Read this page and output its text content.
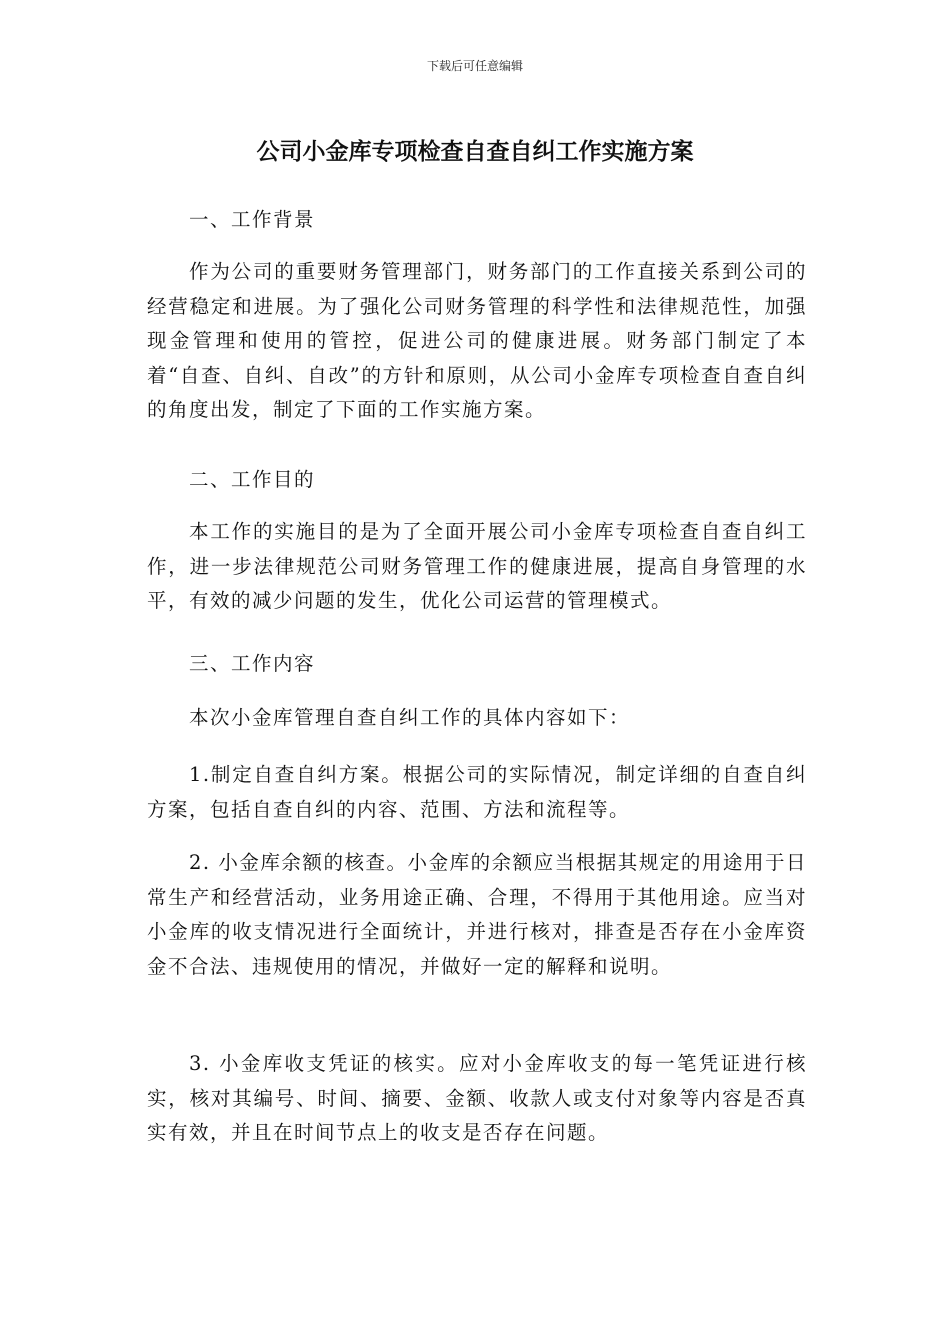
下载后可任意编辑
公司小金库专项检查自查自纠工作实施方案

一、工作背景

作为公司的重要财务管理部门，财务部门的工作直接关系到公司的经营稳定和进展。为了强化公司财务管理的科学性和法律规范性，加强现金管理和使用的管控，促进公司的健康进展。财务部门制定了本着“自查、自纠、自改”的方针和原则，从公司小金库专项检查自查自纠的角度出发，制定了下面的工作实施方案。

二、工作目的

本工作的实施目的是为了全面开展公司小金库专项检查自查自纠工作，进一步法律规范公司财务管理工作的健康进展，提高自身管理的水平，有效的减少问题的发生，优化公司运营的管理模式。

三、工作内容

本次小金库管理自查自纠工作的具体内容如下：

1.制定自查自纠方案。根据公司的实际情况，制定详细的自查自纠方案，包括自查自纠的内容、范围、方法和流程等。

2. 小金库余额的核查。小金库的余额应当根据其规定的用途用于日常生产和经营活动，业务用途正确、合理，不得用于其他用途。应当对小金库的收支情况进行全面统计，并进行核对，排查是否存在小金库资金不合法、违规使用的情况，并做好一定的解释和说明。

3. 小金库收支凭证的核实。应对小金库收支的每一笔凭证进行核实，核对其编号、时间、摘要、金额、收款人或支付对象等内容是否真实有效，并且在时间节点上的收支是否存在问题。
